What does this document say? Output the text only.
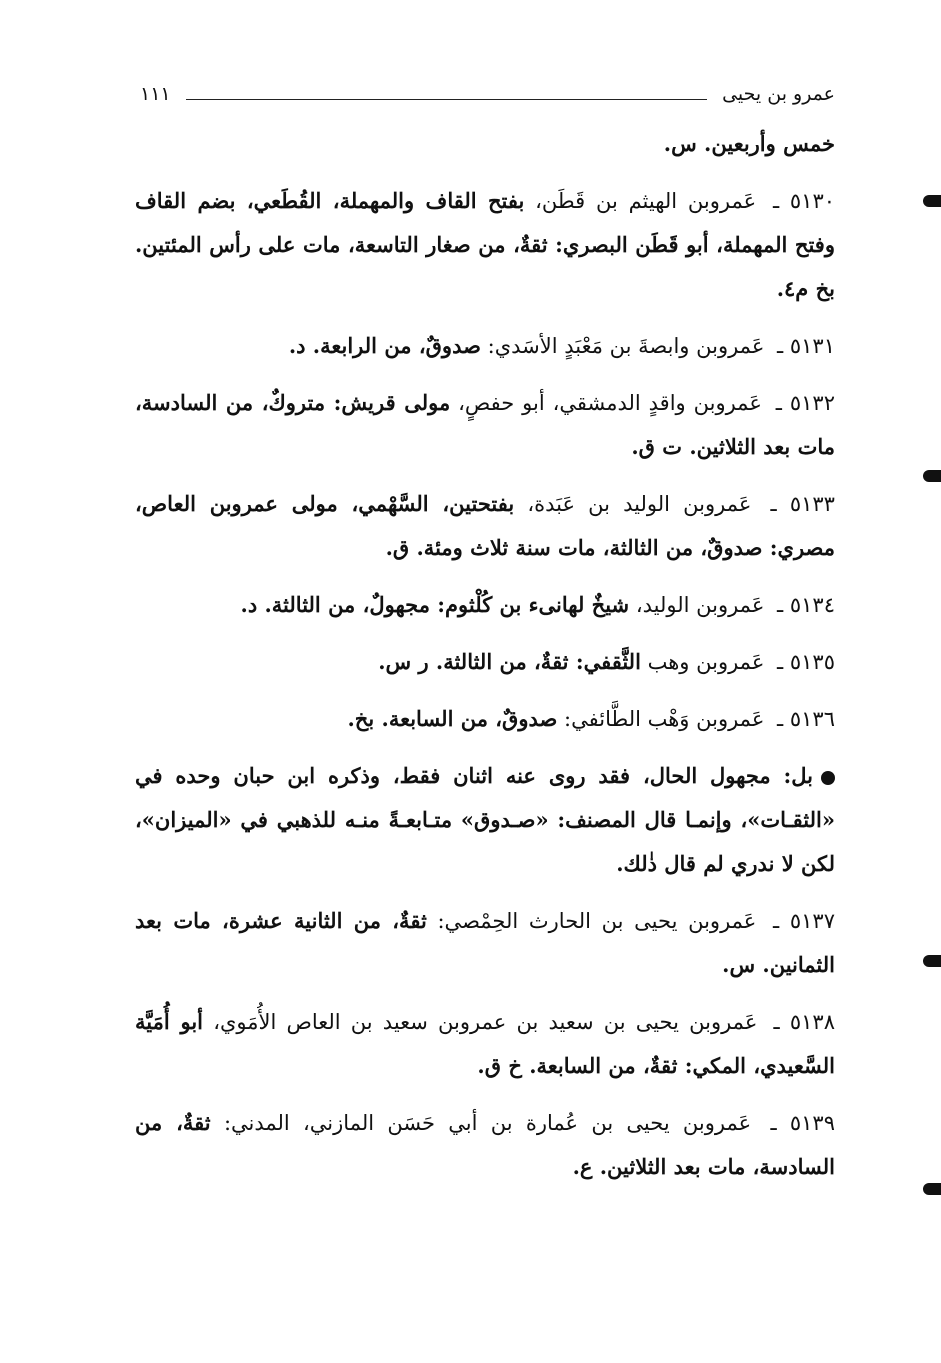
عمرو بن يحيى
١١١

خمس وأربعين. س.

٥١٣٠ ـ عَمروبن الهيثم بن قَطَن، بفتح القاف والمهملة، القُطَعي، بضم القاف وفتح المهملة، أبو قَطَن البصري: ثقةٌ، من صغار التاسعة، مات على رأس المئتين. بخ م٤.

٥١٣١ ـ عَمروبن وابصةَ بن مَعْبَدٍ الأسَدي: صدوقٌ، من الرابعة. د.

٥١٣٢ ـ عَمروبن واقدٍ الدمشقي، أبو حفصٍ، مولى قريش: متروكٌ، من السادسة، مات بعد الثلاثين. ت ق.

٥١٣٣ ـ عَمروبن الوليد بن عَبَدة، بفتحتين، السَّهْمي، مولى عمروبن العاص، مصري: صدوقٌ، من الثالثة، مات سنة ثلاث ومئة. ق.

٥١٣٤ ـ عَمروبن الوليد، شيخٌ لهانىء بن كُلْثوم: مجهولٌ، من الثالثة. د.

٥١٣٥ ـ عَمروبن وهب الثَّقفي: ثقةٌ، من الثالثة. ر س.

٥١٣٦ ـ عَمروبن وَهْب الطَّائفي: صدوقٌ، من السابعة. بخ.

بل: مجهول الحال، فقد روى عنه اثنان فقط، وذكره ابن حبان وحده في «الثقـات»، وإنمـا قال المصنف: «صـدوق» متـابعـةً منـه للذهبي في «الميزان»، لكن لا ندري لم قال ذٰلك.

٥١٣٧ ـ عَمروبن يحيى بن الحارث الحِمْصي: ثقةٌ، من الثانية عشرة، مات بعد الثمانين. س.

٥١٣٨ ـ عَمروبن يحيى بن سعيد بن عمروبن سعيد بن العاص الأُمَوي، أبو أُمَيَّة السَّعيدي، المكي: ثقةٌ، من السابعة. خ ق.

٥١٣٩ ـ عَمروبن يحيى بن عُمارة بن أبي حَسَن المازني، المدني: ثقةٌ، من السادسة، مات بعد الثلاثين. ع.
